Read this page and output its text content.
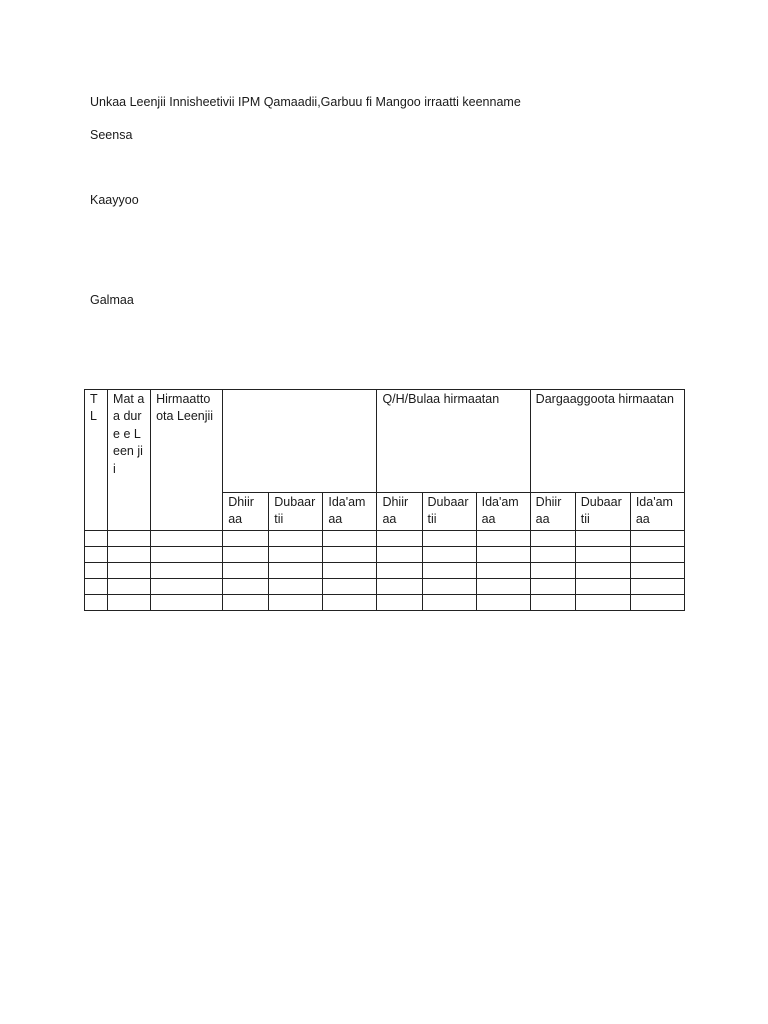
Unkaa Leenjii Innisheetivii IPM Qamaadii,Garbuu fi Mangoo irraatti keenname
Seensa
Kaayyoo
Galmaa
T L	Mat aa dure e Leen jii	Hirmaatto ota Leenjii				Q/H/Bulaa hirmaatan			Dargaaggoota hirmaatan		
			Dhiir aa	Dubaar tii	Ida'am aa	Dhiir aa	Dubaar tii	Ida'am aa	Dhiir aa	Dubaar tii	Ida'am aa
